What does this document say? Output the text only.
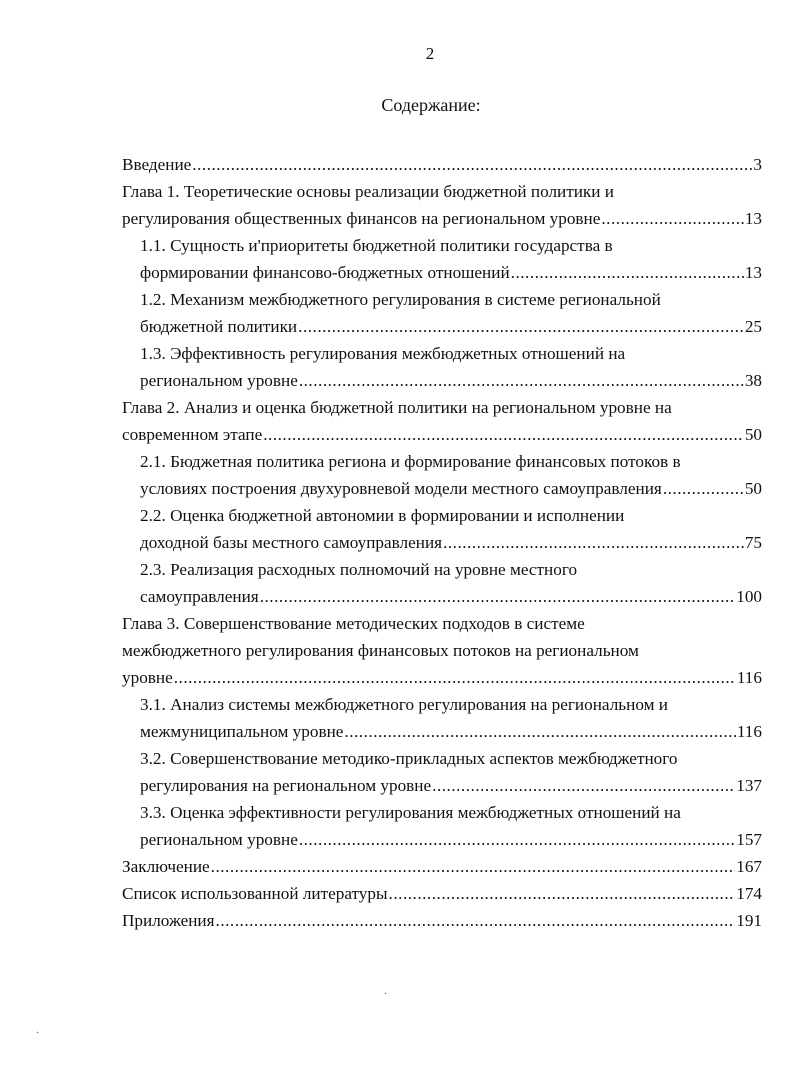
2
Содержание:
Введение .....	3
Глава 1. Теоретические основы реализации бюджетной политики и
регулирования общественных финансов на региональном уровне .....	13
1.1. Сущность и'приоритеты бюджетной политики государства в
формировании финансово-бюджетных отношений .....	13
1.2. Механизм межбюджетного регулирования в системе региональной
бюджетной политики .....	25
1.3. Эффективность регулирования межбюджетных отношений на
региональном уровне .....	38
Глава 2. Анализ и оценка бюджетной политики на региональном уровне на
современном этапе .....	50
2.1. Бюджетная политика региона и формирование финансовых потоков в
условиях построения двухуровневой модели местного самоуправления .....	50
2.2. Оценка бюджетной автономии в формировании и исполнении
доходной базы местного самоуправления .....	75
2.3. Реализация расходных полномочий на уровне местного
самоуправления .....	100
Глава 3. Совершенствование методических подходов в системе
межбюджетного регулирования финансовых потоков на региональном
уровне .....	116
3.1. Анализ системы межбюджетного регулирования на региональном и
межмуниципальном уровне .....	116
3.2. Совершенствование методико-прикладных аспектов межбюджетного
регулирования на региональном уровне .....	137
3.3. Оценка эффективности регулирования межбюджетных отношений на
региональном уровне .....	157
Заключение .....	167
Список использованной литературы .....	174
Приложения .....	191
.
.
